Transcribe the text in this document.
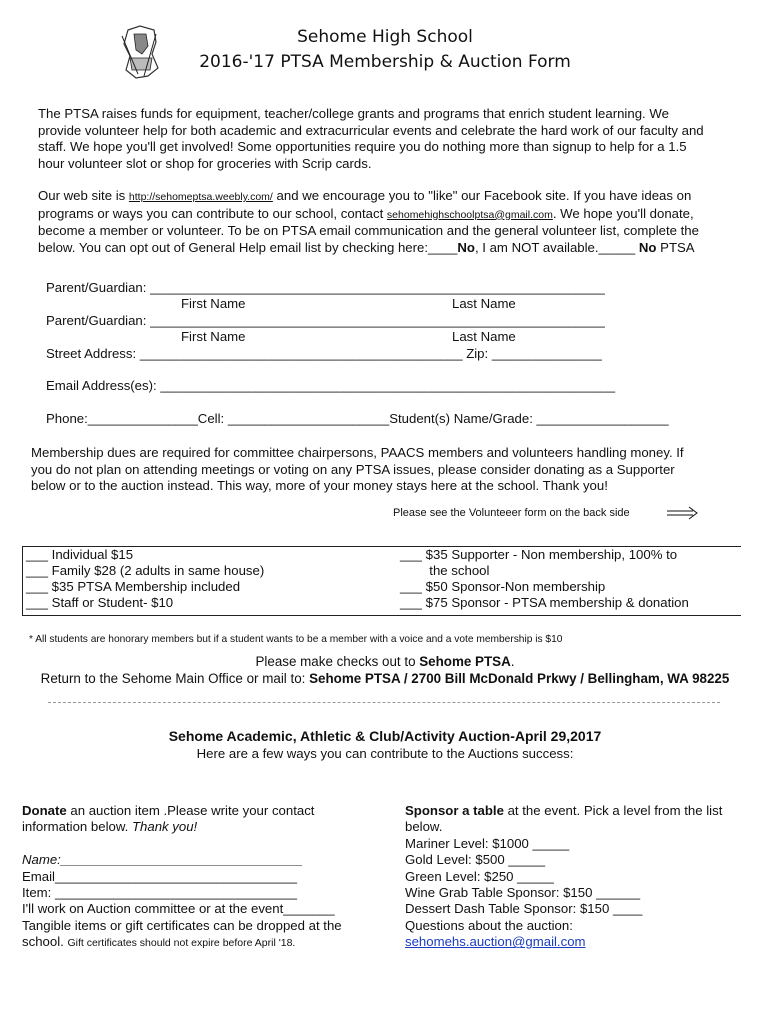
Sehome High School
2016-'17 PTSA Membership & Auction Form

The PTSA raises funds for equipment, teacher/college grants and programs that enrich student learning. We

provide volunteer help for both academic and extracurricular events and celebrate the hard work of our faculty and

staff. We hope you'll get involved! Some opportunities require you do nothing more than signup to help for a 1.5

hour volunteer slot or shop for groceries with Scrip cards.

Our web site is http://sehomeptsa.weebly.com/ and we encourage you to "like" our Facebook site. If you have ideas on

programs or ways you can contribute to our school, contact sehomehighschoolptsa@gmail.com. We hope you'll donate,

become a member or volunteer. To be on PTSA email communication and the general volunteer list, complete the

below. You can opt out of General Help email list by checking here:____No, I am NOT available._____ No PTSA

Parent/Guardian: ______________________________________________________________
First Name	Last Name
Parent/Guardian: ______________________________________________________________
First Name	Last Name
Street Address: ____________________________________________ Zip: _______________
Email Address(es): ______________________________________________________________
Phone:_______________Cell: ______________________Student(s) Name/Grade: __________________

Membership dues are required for committee chairpersons, PAACS members and volunteers handling money. If

you do not plan on attending meetings or voting on any PTSA issues, please consider donating as a Supporter

below or to the auction instead. This way, more of your money stays here at the school. Thank you!

Please see the Volunteeer form on the back side
___ Individual $15
___ Family $28 (2 adults in same house)
___ $35 PTSA Membership included
___ Staff or Student- $10
___ $35 Supporter - Non membership, 100% to
the school
___ $50 Sponsor-Non membership
___ $75 Sponsor - PTSA membership & donation
* All students are honorary members but if a student wants to be a member with a voice and a vote membership is $10
Please make checks out to Sehome PTSA.
Return to the Sehome Main Office or mail to: Sehome PTSA / 2700 Bill McDonald Prkwy / Bellingham, WA 98225
Sehome Academic, Athletic & Club/Activity Auction-April 29,2017
Here are a few ways you can contribute to the Auctions success:
Donate an auction item .Please write your contact
information below. Thank you!

Name:_________________________________
Email_________________________________
Item: _________________________________
I'll work on Auction committee or at the event_______
Tangible items or gift certificates can be dropped at the
school. Gift certificates should not expire before April '18.
Sponsor a table at the event. Pick a level from the list
below.
Mariner Level: $1000 _____
Gold Level: $500 _____
Green Level: $250 _____
Wine Grab Table Sponsor: $150 ______
Dessert Dash Table Sponsor: $150 ____
Questions about the auction:
sehomehs.auction@gmail.com
